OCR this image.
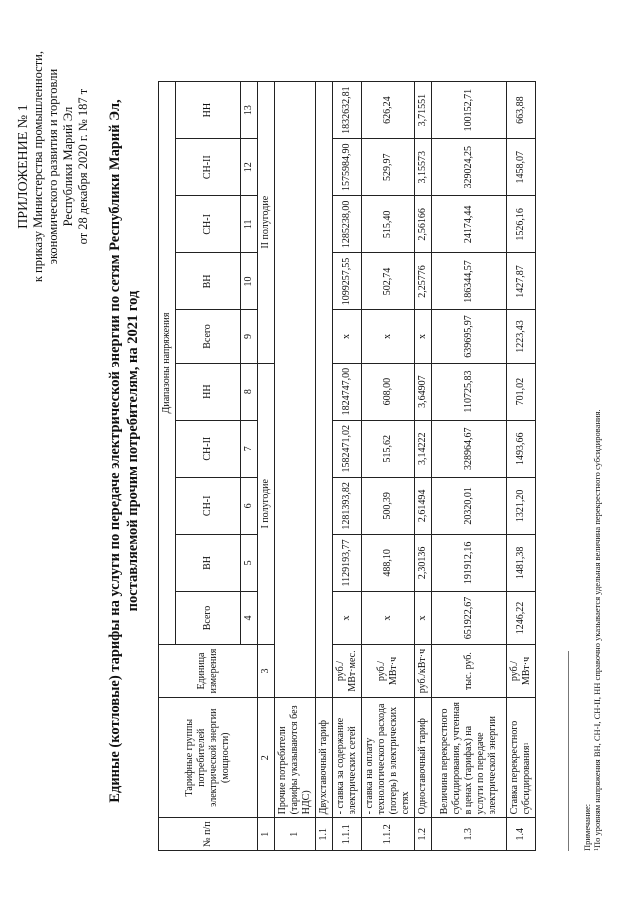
ПРИЛОЖЕНИЕ № 1 к приказу Министерства промышленности, экономического развития и торговли Республики Марий Эл от 28 декабря 2020 г. № 187 т Единые (котловые) тарифы на услуги по передаче электрической энергии по сетям Республики Марий Эл, поставляемой прочим потребителям, на 2021 год
№ п/п	Тарифные группы потребителей электрической энергии (мощности)	Единица измерения	Диапазоны напряжения									
			Всего	ВН	СН-I	СН-II	НН	Всего	ВН	СН-I	СН-II	НН
			4	5	6	7	8	9	10	11	12	13
1	2	3	I полугодие					II полугодие				
1	Прочие потребители (тарифы указываются без НДС)											
1.1	Двухставочный тариф											
1.1.1	- ставка за содержание электрических сетей	руб./МВт·мес.	x	1129193,77	1281393,82	1582471,02	1824747,00	x	1099257,55	1285238,00	1575984,90	1832632,81
1.1.2	- ставка на оплату технологического расхода (потерь) в электрических сетях	руб./МВт·ч	x	488,10	500,39	515,62	608,00	x	502,74	515,40	529,97	626,24
1.2	Одноставочный тариф	руб./кВт·ч	x	2,30136	2,61494	3,14222	3,64907	x	2,25776	2,56166	3,15573	3,71551
1.3	Величина перекрестного субсидирования, учтенная в ценах (тарифах) на услуги по передаче электрической энергии	тыс. руб.	651922,67	191912,16	20320,01	328964,67	110725,83	639695,97	186344,57	24174,44	329024,25	100152,71
1.4	Ставка перекрестного субсидирования$^1$	руб./МВт·ч	1246,22	1481,38	1321,20	1493,66	701,02	1223,43	1427,87	1526,16	1458,07	663,88
Примечание: $^1$По уровням напряжения ВН, СН-I, СН-II, НН справочно указывается удельная величина перекрестного субсидирования.
